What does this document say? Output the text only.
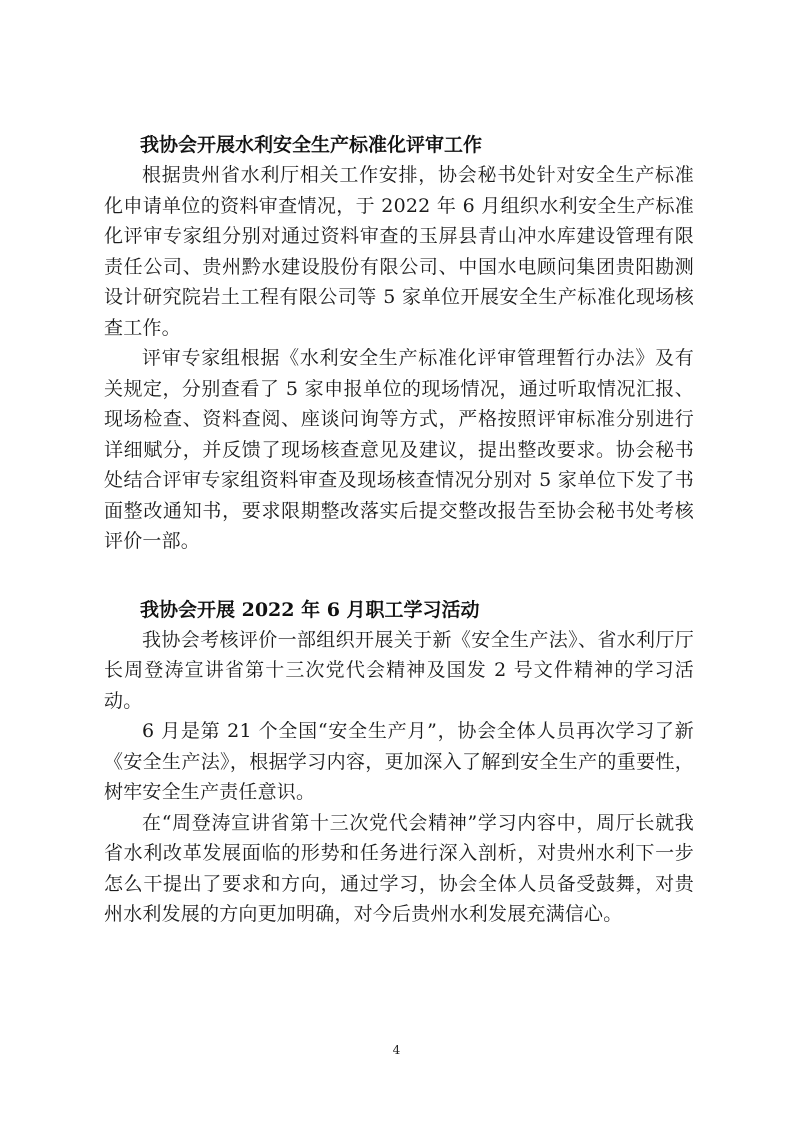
我协会开展水利安全生产标准化评审工作

根据贵州省水利厅相关工作安排，协会秘书处针对安全生产标准化申请单位的资料审查情况，于 2022 年 6 月组织水利安全生产标准化评审专家组分别对通过资料审查的玉屏县青山冲水库建设管理有限责任公司、贵州黔水建设股份有限公司、中国水电顾问集团贵阳勘测设计研究院岩土工程有限公司等 5 家单位开展安全生产标准化现场核查工作。

评审专家组根据《水利安全生产标准化评审管理暂行办法》及有关规定，分别查看了 5 家申报单位的现场情况，通过听取情况汇报、现场检查、资料查阅、座谈问询等方式，严格按照评审标准分别进行详细赋分，并反馈了现场核查意见及建议，提出整改要求。协会秘书处结合评审专家组资料审查及现场核查情况分别对 5 家单位下发了书面整改通知书，要求限期整改落实后提交整改报告至协会秘书处考核评价一部。

我协会开展 2022 年 6 月职工学习活动

我协会考核评价一部组织开展关于新《安全生产法》、省水利厅厅长周登涛宣讲省第十三次党代会精神及国发 2 号文件精神的学习活动。

6 月是第 21 个全国“安全生产月”，协会全体人员再次学习了新《安全生产法》，根据学习内容，更加深入了解到安全生产的重要性，树牢安全生产责任意识。

在“周登涛宣讲省第十三次党代会精神”学习内容中，周厅长就我省水利改革发展面临的形势和任务进行深入剖析，对贵州水利下一步怎么干提出了要求和方向，通过学习，协会全体人员备受鼓舞，对贵州水利发展的方向更加明确，对今后贵州水利发展充满信心。

4
